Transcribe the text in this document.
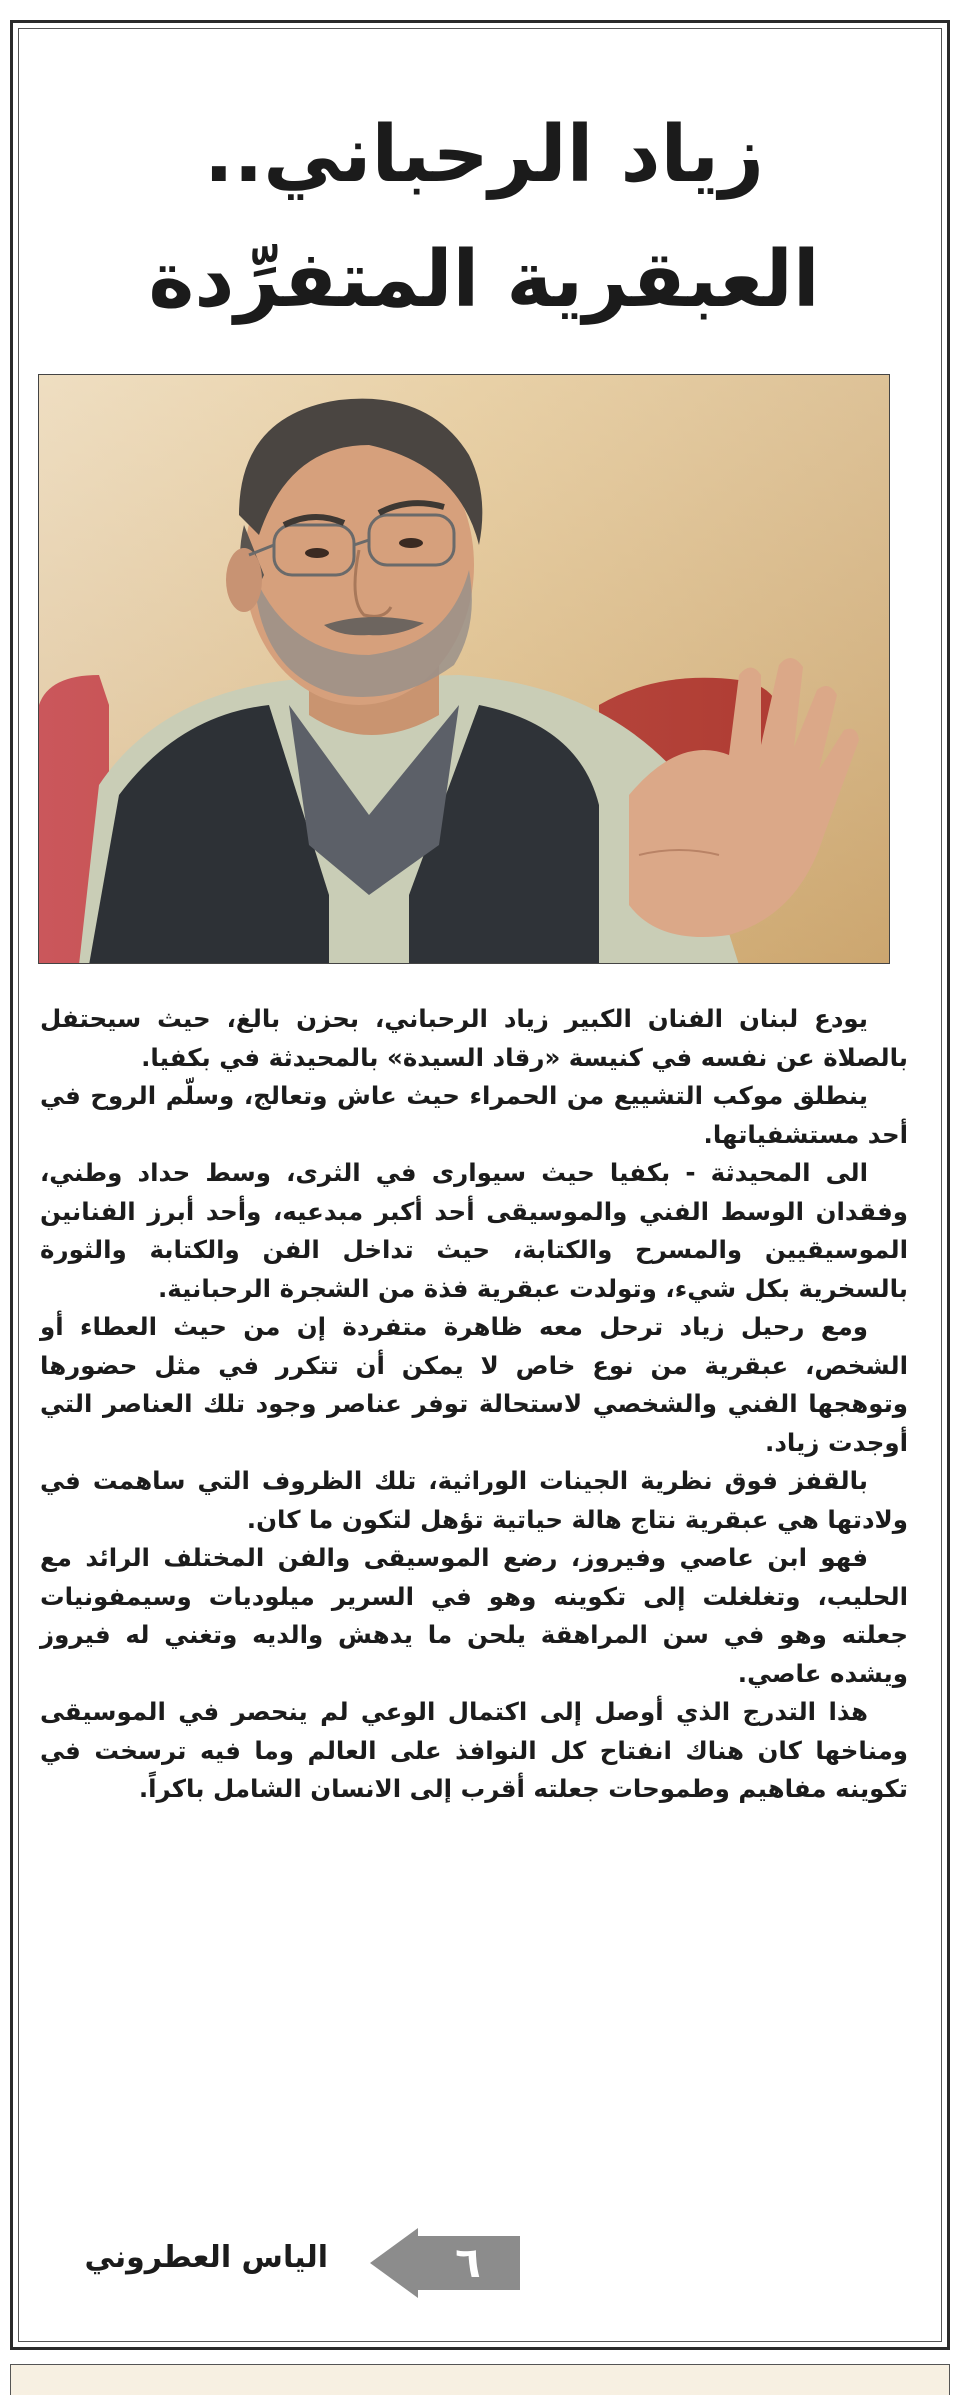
زياد الرحباني..
العبقرية المتفرِّدة

يودع لبنان الفنان الكبير زياد الرحباني، بحزن بالغ، حيث سيحتفل بالصلاة عن نفسه في كنيسة «رقاد السيدة» بالمحيدثة في بكفيا.

ينطلق موكب التشييع من الحمراء حيث عاش وتعالج، وسلّم الروح في أحد مستشفياتها.

الى المحيدثة - بكفيا حيث سيوارى في الثرى، وسط حداد وطني، وفقدان الوسط الفني والموسيقى أحد أكبر مبدعيه، وأحد أبرز الفنانين الموسيقيين والمسرح والكتابة، حيث تداخل الفن والكتابة والثورة بالسخرية بكل شيء، وتولدت عبقرية فذة من الشجرة الرحبانية.

ومع رحيل زياد ترحل معه ظاهرة متفردة إن من حيث العطاء أو الشخص، عبقرية من نوع خاص لا يمكن أن تتكرر في مثل حضورها وتوهجها الفني والشخصي لاستحالة توفر عناصر وجود تلك العناصر التي أوجدت زياد.

بالقفز فوق نظرية الجينات الوراثية، تلك الظروف التي ساهمت في ولادتها هي عبقرية نتاج هالة حياتية تؤهل لتكون ما كان.

فهو ابن عاصي وفيروز، رضع الموسيقى والفن المختلف الرائد مع الحليب، وتغلغلت إلى تكوينه وهو في السرير ميلوديات وسيمفونيات جعلته وهو في سن المراهقة يلحن ما يدهش والديه وتغني له فيروز ويشده عاصي.

هذا التدرج الذي أوصل إلى اكتمال الوعي لم ينحصر في الموسيقى ومناخها كان هناك انفتاح كل النوافذ على العالم وما فيه ترسخت في تكوينه مفاهيم وطموحات جعلته أقرب إلى الانسان الشامل باكراً.

الياس العطروني	٦
